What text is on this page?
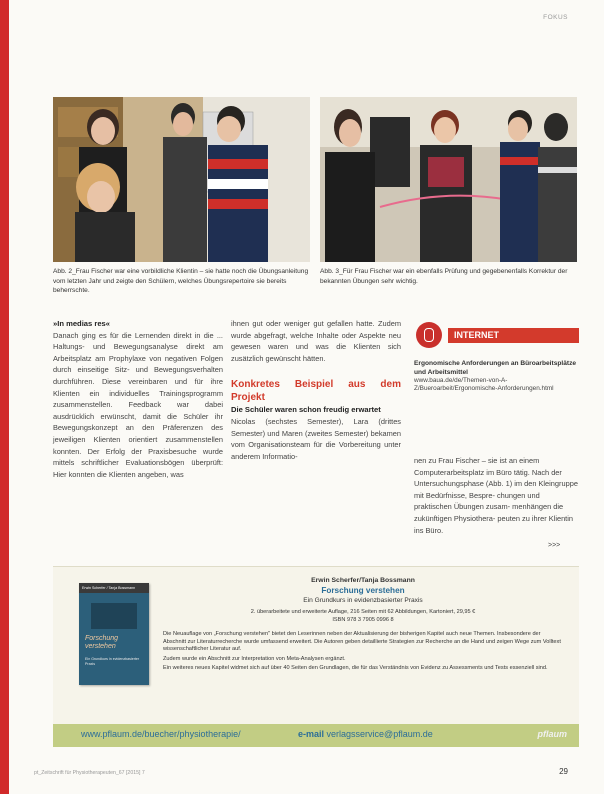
FOKUS
Abb. 2_Frau Fischer war eine vorbildliche Klientin – sie hatte noch die Übungsanleitung vom letzten Jahr und zeigte den Schülern, welches Übungsrepertoire sie bereits beherrschte.
Abb. 3_Für Frau Fischer war ein ebenfalls Prüfung und gegebenenfalls Korrektur der bekannten Übungen sehr wichtig.

»In medias res«

Danach ging es für die Lernenden direkt in die ... Haltungs- und Bewegungsanalyse direkt am Arbeitsplatz am Prophylaxe von negativen Folgen durch einseitige Sitz- und Bewegungsverhalten durchführen. Diese vereinbaren und für ihre Klienten ein individuelles Trainingsprogramm zusammenstellen. Feedback war dabei ausdrücklich erwünscht, damit die Schüler ihr Bewegungskonzept an den Präferenzen des jeweiligen Klienten orientiert zusammenstellen konnten. Der Erfolg der Praxisbesuche wurde mittels schriftlicher Evaluationsbögen überprüft: Hier konnten die Klienten angeben, was

ihnen gut oder weniger gut gefallen hatte. Zudem wurde abgefragt, welche Inhalte oder Aspekte neu gewesen waren und was die Klienten sich zusätzlich gewünscht hätten.

Konkretes Beispiel aus dem Projekt

Die Schüler waren schon freudig erwartet

Nicolas (sechstes Semester), Lara (drittes Semester) und Maren (zweites Semester) bekamen vom Organisationsteam für die Vorbereitung unter anderem Informatio-

INTERNET
Ergonomische Anforderungen an Büroarbeitsplätze und Arbeitsmittel
www.baua.de/de/Themen-von-A-Z/Bueroarbeit/Ergonomische-Anforderungen.html

nen zu Frau Fischer – sie ist an einem Computerarbeitsplatz im Büro tätig. Nach der Untersuchungsphase (Abb. 1) im den Kleingruppe mit Bedürfnisse, Bespre- chungen und praktischen Übungen zusam- menhängen die zukünftigen Physiothera- peuten zu ihrer Klientin ins Büro.

>>>
Erwin Scherfer / Tanja Bossmann
Forschung verstehen
Ein Grundkurs in evidenzbasierter Praxis
Erwin Scherfer/Tanja Bossmann
Forschung verstehen
Ein Grundkurs in evidenzbasierter Praxis
2. überarbeitete und erweiterte Auflage, 216 Seiten mit 62 Abbildungen, Kartoniert, 29,95 €
ISBN 978 3 7905 0996 8

Die Neuauflage von „Forschung verstehen" bietet den Leserinnen neben der Aktualisierung der bisherigen Kapitel auch neue Themen. Insbesondere der Abschnitt zur Literaturrecherche wurde umfassend erweitert. Die Autoren geben detaillierte Strategien zur Recherche an die Hand und zeigen Wege zum Volltext wissenschaftlicher Literatur auf.

Zudem wurde ein Abschnitt zur Interpretation von Meta-Analysen ergänzt.

Ein weiteres neues Kapitel widmet sich auf über 40 Seiten den Grundlagen, die für das Verständnis von Evidenz zu Assessments und Tests essenziell sind.

www.pflaum.de/buecher/physiotherapie/	e-mail verlagsservice@pflaum.de	pflaum
pt_Zeitschrift für Physiotherapeuten_67 [2015] 7	29
